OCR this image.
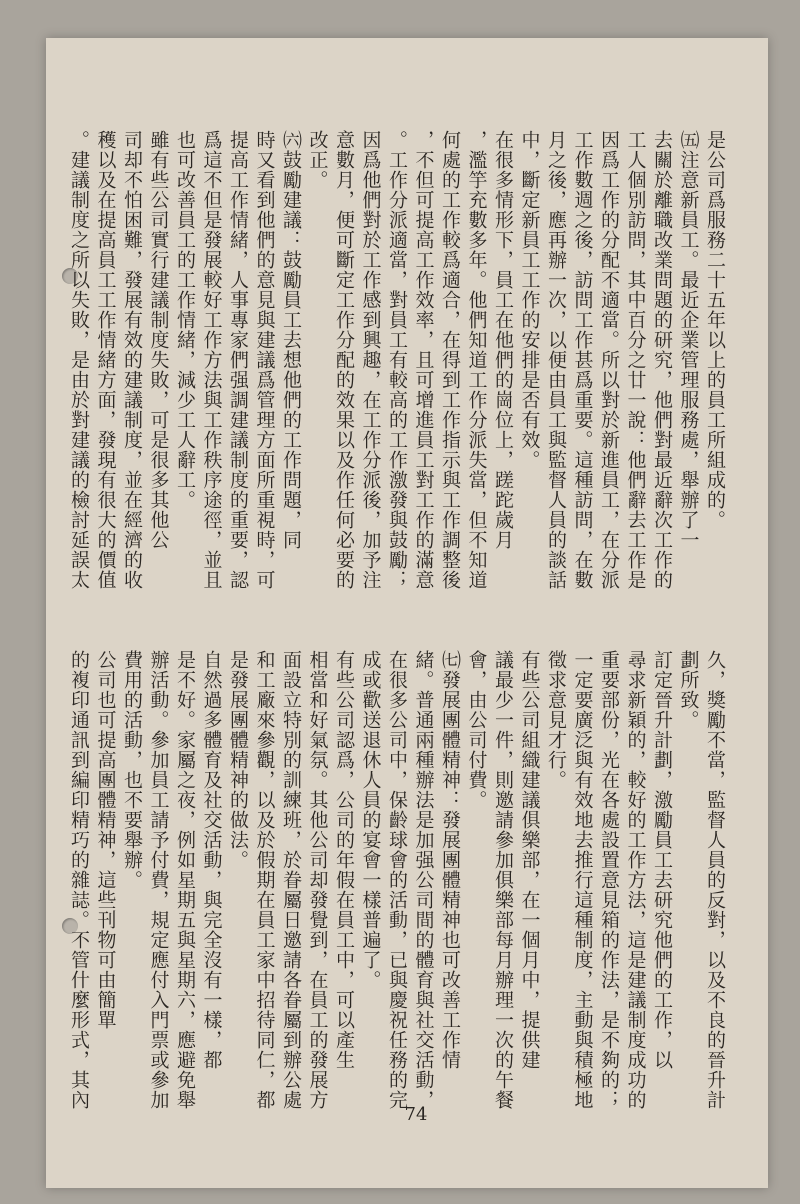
是公司爲服務二十五年以上的員工所組成的。
㈤注意新員工。最近企業管理服務處，舉辦了一
去關於離職改業問題的研究，他們對最近辭次工作的
工人個別訪問，其中百分之廿一說：他們辭去工作是
因爲工作的分配不適當。所以對於新進員工，在分派
工作數週之後，訪問工作甚爲重要。這種訪問，在數
月之後，應再辦一次，以便由員工與監督人員的談話
中，斷定新員工工作的安排是否有效。
在很多情形下，員工在他們的崗位上，蹉跎歲月
，濫竽充數多年。他們知道工作分派失當，但不知道
何處的工作較爲適合，在得到工作指示與工作調整後
，不但可提高工作效率，且可增進員工對工作的滿意
。工作分派適當，對員工有較高的工作激發與鼓勵；
因爲他們對於工作感到興趣，在工作分派後，加予注
意數月，便可斷定工作分配的效果以及作任何必要的
改正。
㈥鼓勵建議：鼓勵員工去想他們的工作問題，同
時又看到他們的意見與建議爲管理方面所重視時，可
提高工作情緒，人事專家們强調建議制度的重要，認
爲這不但是發展較好工作方法與工作秩序途徑，並且
也可改善員工的工作情緒，減少工人辭工。
雖有些公司實行建議制度失敗，可是很多其他公
司却不怕困難，發展有效的建議制度，並在經濟的收
穫以及在提高員工工作情緒方面，發現有很大的價值
。建議制度之所以失敗，是由於對建議的檢討延誤太
久，獎勵不當，監督人員的反對，以及不良的晉升計
劃所致。
訂定晉升計劃，激勵員工去研究他們的工作，以
尋求新穎的，較好的工作方法，這是建議制度成功的
重要部份，光在各處設置意見箱的作法，是不夠的；
一定要廣泛與有效地去推行這種制度，主動與積極地
徵求意見才行。
有些公司組織建議俱樂部，在一個月中，提供建
議最少一件，則邀請參加俱樂部每月辦理一次的午餐
會，由公司付費。
㈦發展團體精神：發展團體精神也可改善工作情
緒。普通兩種辦法是加强公司間的體育與社交活動，
在很多公司中，保齡球會的活動，已與慶祝任務的完
成或歡送退休人員的宴會一樣普遍了。
有些公司認爲，公司的年假在員工中，可以產生
相當和好氣氛。其他公司却發覺到，在員工的發展方
面設立特別的訓練班，於眷屬日邀請各眷屬到辦公處
和工廠來參觀，以及於假期在員工家中招待同仁，都
是發展團體精神的做法。
自然過多體育及社交活動，與完全沒有一樣，都
是不好。家屬之夜，例如星期五與星期六，應避免舉
辦活動。參加員工請予付費，規定應付入門票或參加
費用的活動，也不要舉辦。
公司也可提高團體精神，這些刊物可由簡單
的複印通訊到編印精巧的雜誌。不管什麼形式，其內
74
